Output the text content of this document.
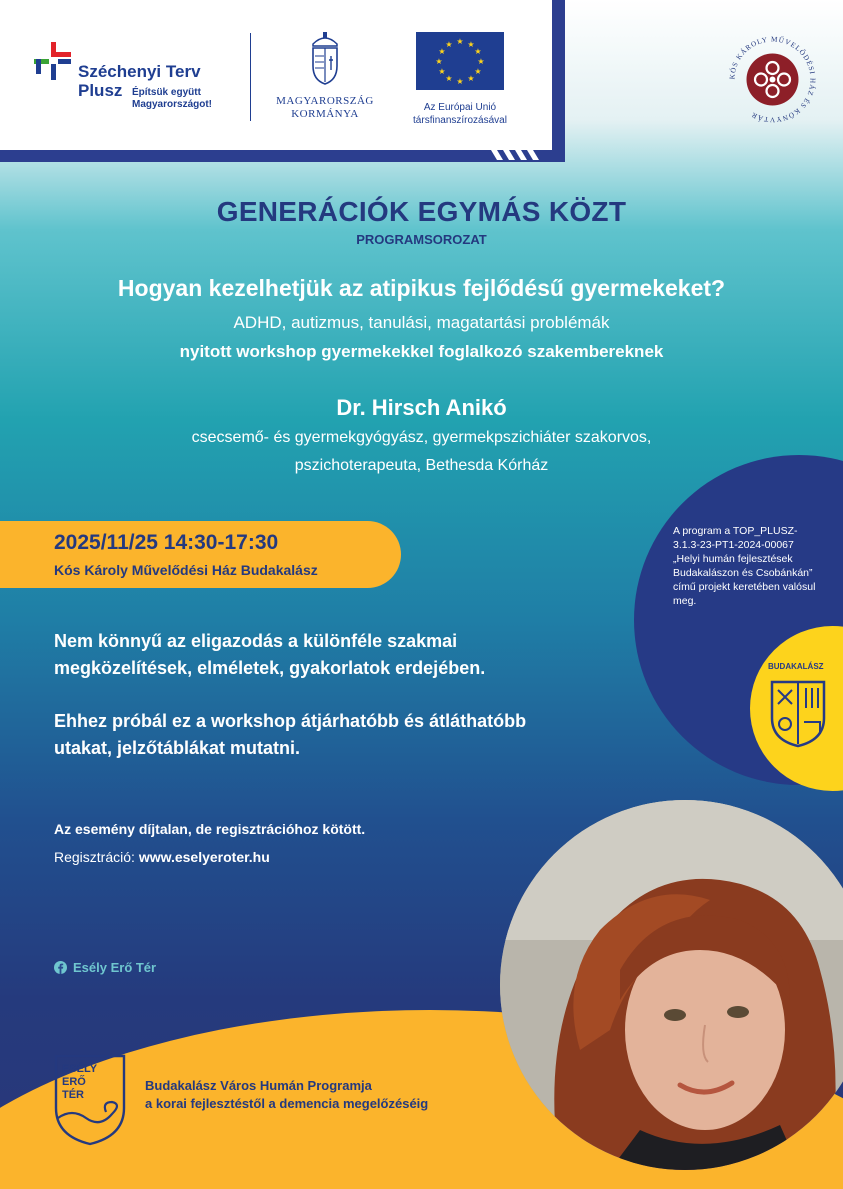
Széchenyi Terv
Plusz Építsük együtt Magyarországot!	MAGYARORSZÁG
KORMÁNYA
★ ★
★
★
★
★
★
★
★
★
★
★
Az Európai Unió
társfinanszírozásával
KÓS KÁROLY MŰVELŐDÉSI HÁZ ÉS KÖNYVTÁR
GENERÁCIÓK EGYMÁS KÖZT
PROGRAMSOROZAT
Hogyan kezelhetjük az atipikus fejlődésű gyermekeket?
ADHD, autizmus, tanulási, magatartási problémák
nyitott workshop gyermekekkel foglalkozó szakembereknek
Dr. Hirsch Anikó
csecsemő- és gyermekgyógyász, gyermekpszichiáter szakorvos,
pszichoterapeuta, Bethesda Kórház
A program a TOP_PLUSZ-3.1.3-23-PT1-2024-00067 „Helyi humán fejlesztések Budakalászon és Csobánkán” című projekt keretében valósul meg.
BUDAKALÁSZ
2025/11/25 14:30-17:30
Kós Károly Művelődési Ház Budakalász
Nem könnyű az eligazodás a különféle szakmai
megközelítések, elméletek, gyakorlatok erdejében.
Ehhez próbál ez a workshop átjárhatóbb és átláthatóbb
utakat, jelzőtáblákat mutatni.
Az esemény díjtalan, de regisztrációhoz kötött.
Regisztráció: www.eselyeroter.hu
Esély Erő Tér
ESÉLY
ERŐ
TÉR
Budakalász Város Humán Programja
a korai fejlesztéstől a demencia megelőzéséig
